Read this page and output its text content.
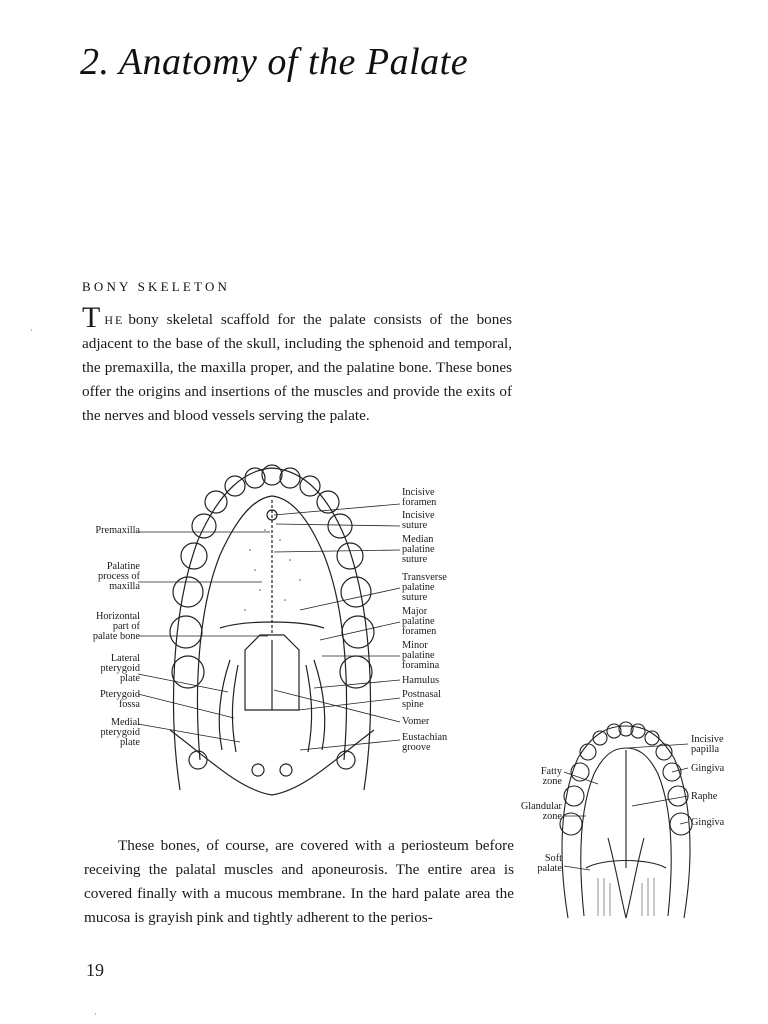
2. Anatomy of the Palate
BONY SKELETON
·
·

THE bony skeletal scaffold for the palate consists of the bones adjacent to the base of the skull, including the sphenoid and temporal, the premaxilla, the maxilla proper, and the palatine bone. These bones offer the origins and insertions of the muscles and provide the exits of the nerves and blood vessels serving the palate.

Premaxilla
Palatine
process of
maxilla
Horizontal
part of
palate bone
Lateral
pterygoid
plate
Pterygoid
fossa
Medial
pterygoid
plate
Incisive
foramen
Incisive
suture
Median
palatine
suture
Transverse
palatine
suture
Major
palatine
foramen
Minor
palatine
foramina
Hamulus
Postnasal
spine
Vomer
Eustachian
groove
Fatty
zone
Glandular
zone
Soft
palate
Incisive
papilla
Gingiva
Raphe
Gingiva

These bones, of course, are covered with a periosteum before receiving the palatal muscles and aponeurosis. The entire area is covered finally with a mucous membrane. In the hard palate area the mucosa is grayish pink and tightly adherent to the perios-

19
